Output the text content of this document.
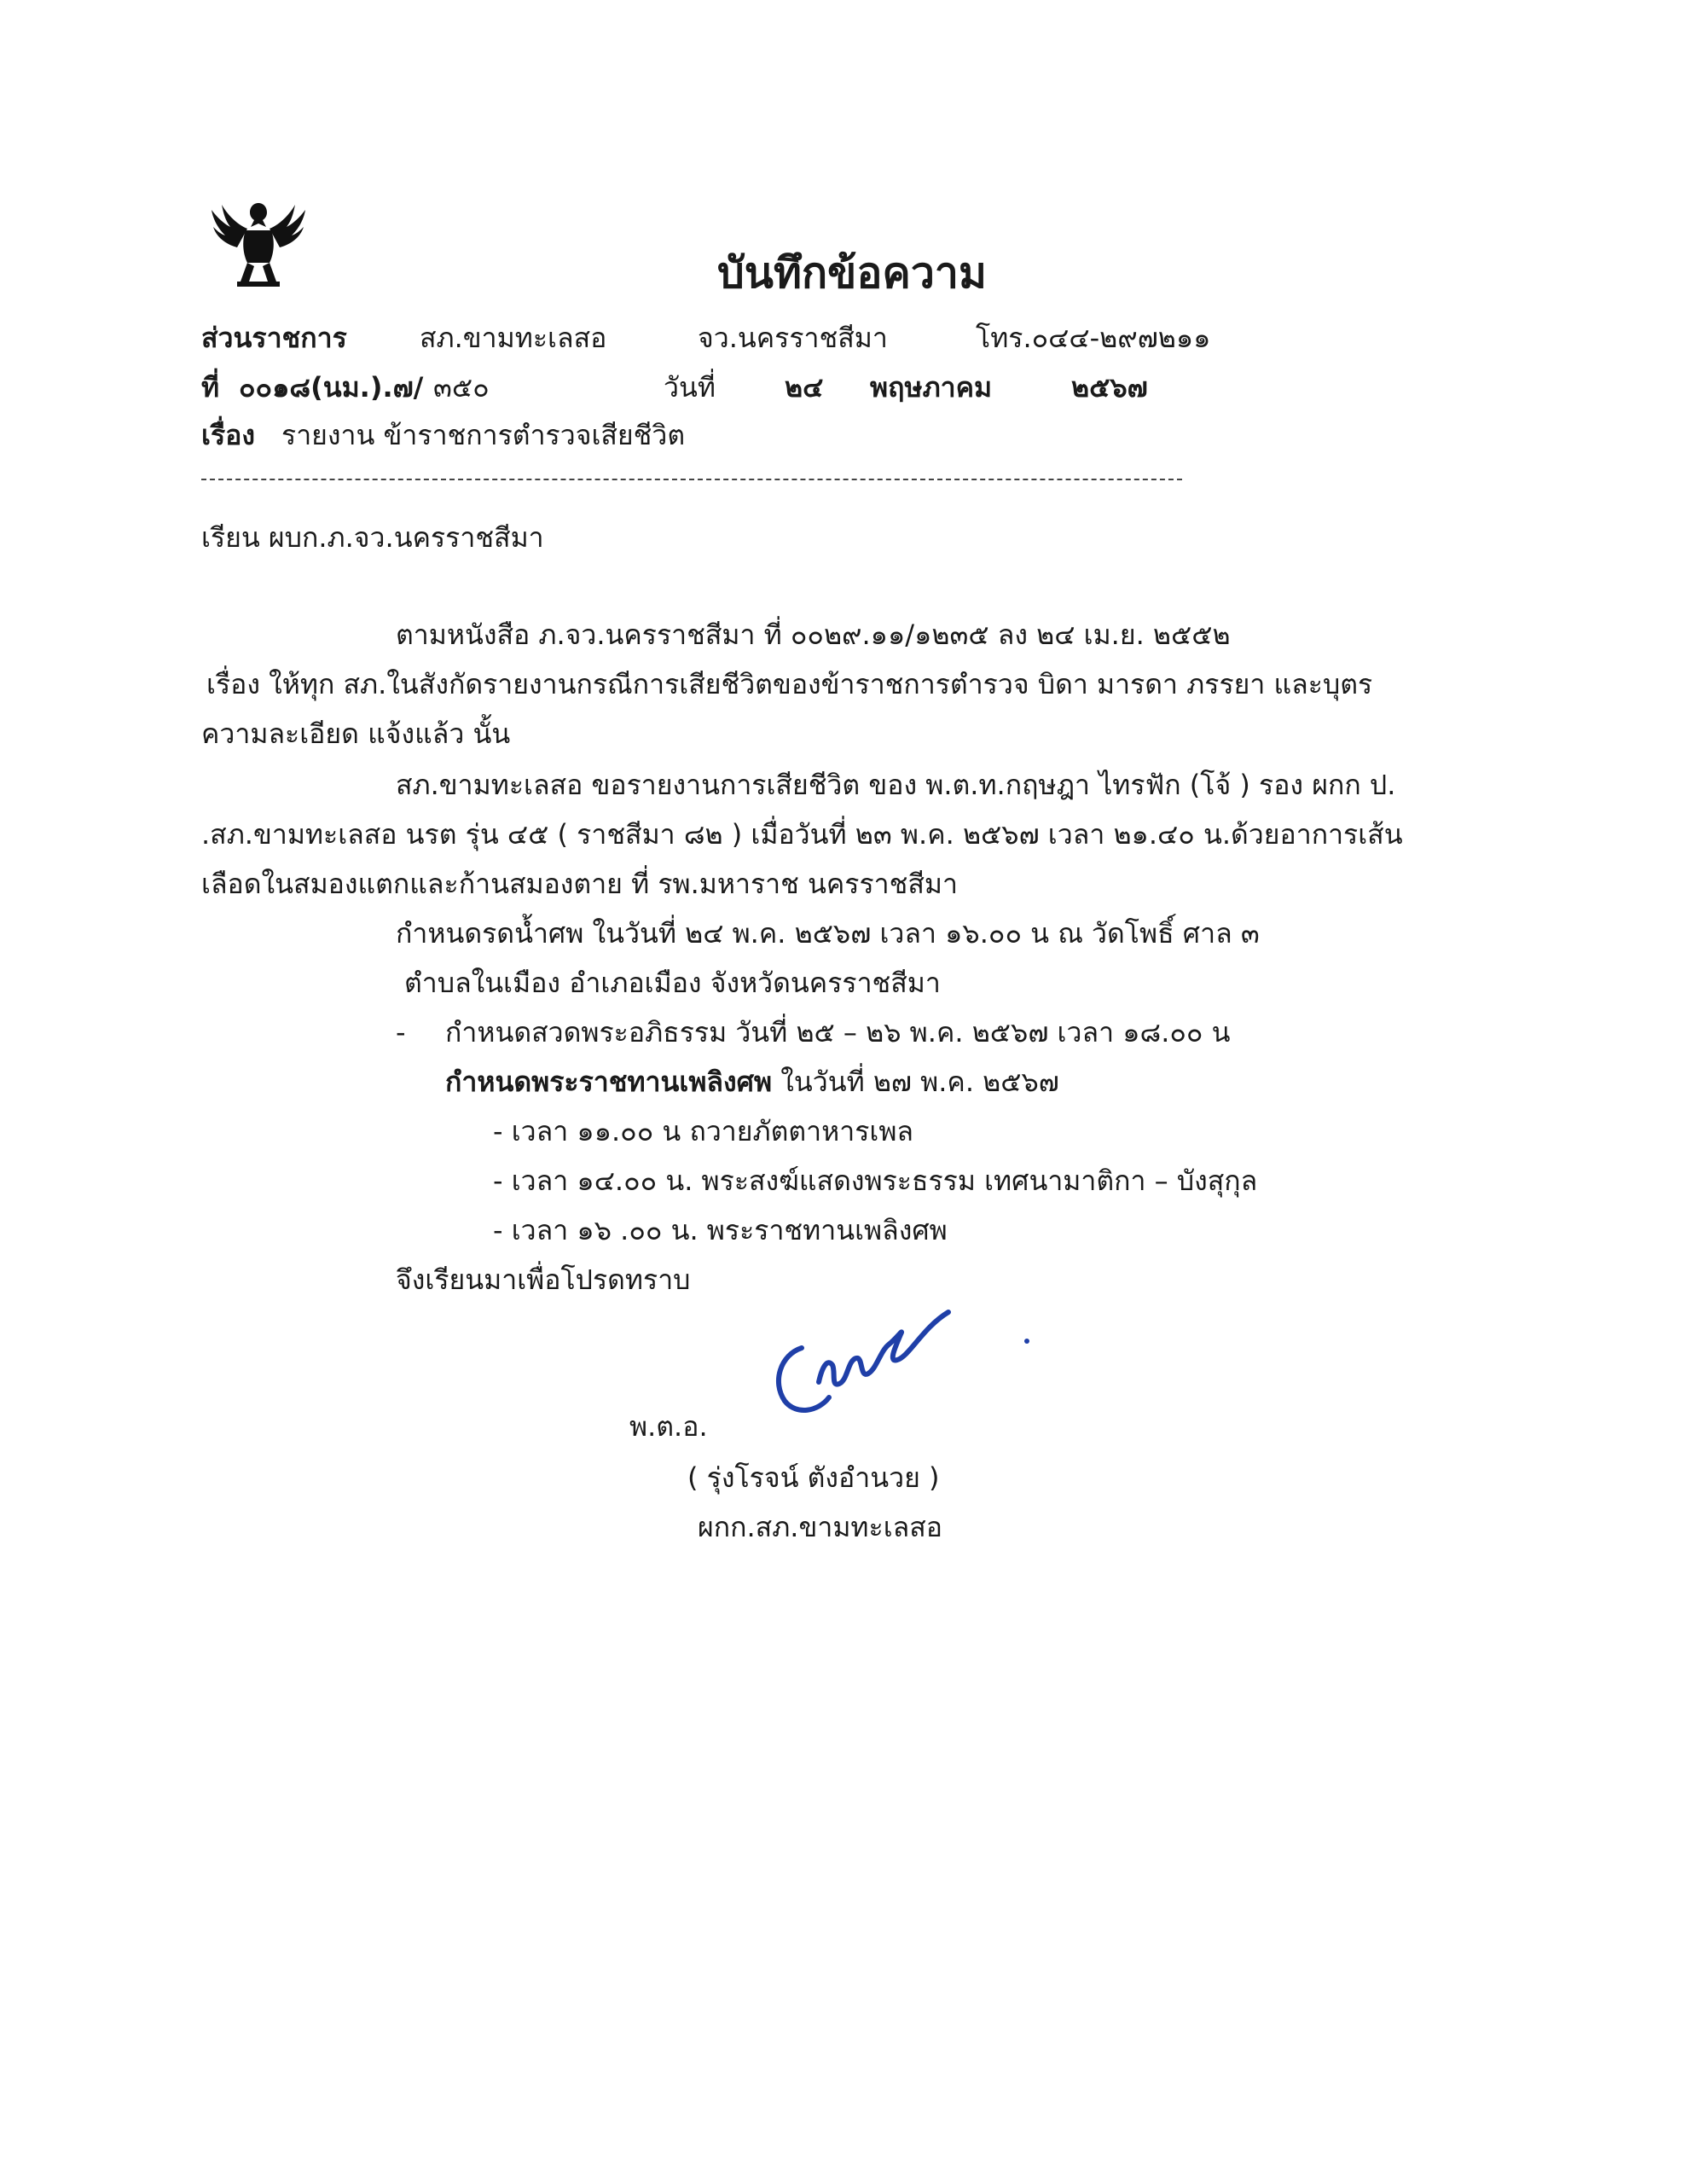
บันทึกข้อความ
ส่วนราชการ	สภ.ขามทะเลสอ	จว.นครราชสีมา	โทร.๐๔๔-๒๙๗๒๑๑
ที่ ๐๐๑๘(นม.).๗/ ๓๕๐	วันที่	๒๔ พฤษภาคม	๒๕๖๗
เรื่อง รายงาน ข้าราชการตำรวจเสียชีวิต
เรียน ผบก.ภ.จว.นครราชสีมา
ตามหนังสือ ภ.จว.นครราชสีมา ที่ ๐๐๒๙.๑๑/๑๒๓๕ ลง ๒๔ เม.ย. ๒๕๕๒
เรื่อง ให้ทุก สภ.ในสังกัดรายงานกรณีการเสียชีวิตของข้าราชการตำรวจ บิดา มารดา ภรรยา และบุตร
ความละเอียด แจ้งแล้ว นั้น
สภ.ขามทะเลสอ ขอรายงานการเสียชีวิต ของ พ.ต.ท.กฤษฎา ไทรฟัก (โจ้ ) รอง ผกก ป.
.สภ.ขามทะเลสอ นรต รุ่น ๔๕ ( ราชสีมา ๘๒ ) เมื่อวันที่ ๒๓ พ.ค. ๒๕๖๗ เวลา ๒๑.๔๐ น.ด้วยอาการเส้น
เลือดในสมองแตกและก้านสมองตาย ที่ รพ.มหาราช นครราชสีมา
กำหนดรดน้ำศพ ในวันที่ ๒๔ พ.ค. ๒๕๖๗ เวลา ๑๖.๐๐ น ณ วัดโพธิ์ ศาล ๓
ตำบลในเมือง อำเภอเมือง จังหวัดนครราชสีมา
- กำหนดสวดพระอภิธรรม วันที่ ๒๕ – ๒๖ พ.ค. ๒๕๖๗ เวลา ๑๘.๐๐ น
กำหนดพระราชทานเพลิงศพ ในวันที่ ๒๗ พ.ค. ๒๕๖๗
- เวลา ๑๑.๐๐ น ถวายภัตตาหารเพล
- เวลา ๑๔.๐๐ น. พระสงฆ์แสดงพระธรรม เทศนามาติกา – บังสุกุล
- เวลา ๑๖ .๐๐ น. พระราชทานเพลิงศพ
จึงเรียนมาเพื่อโปรดทราบ
พ.ต.อ.
( รุ่งโรจน์ ตังอำนวย )
ผกก.สภ.ขามทะเลสอ
